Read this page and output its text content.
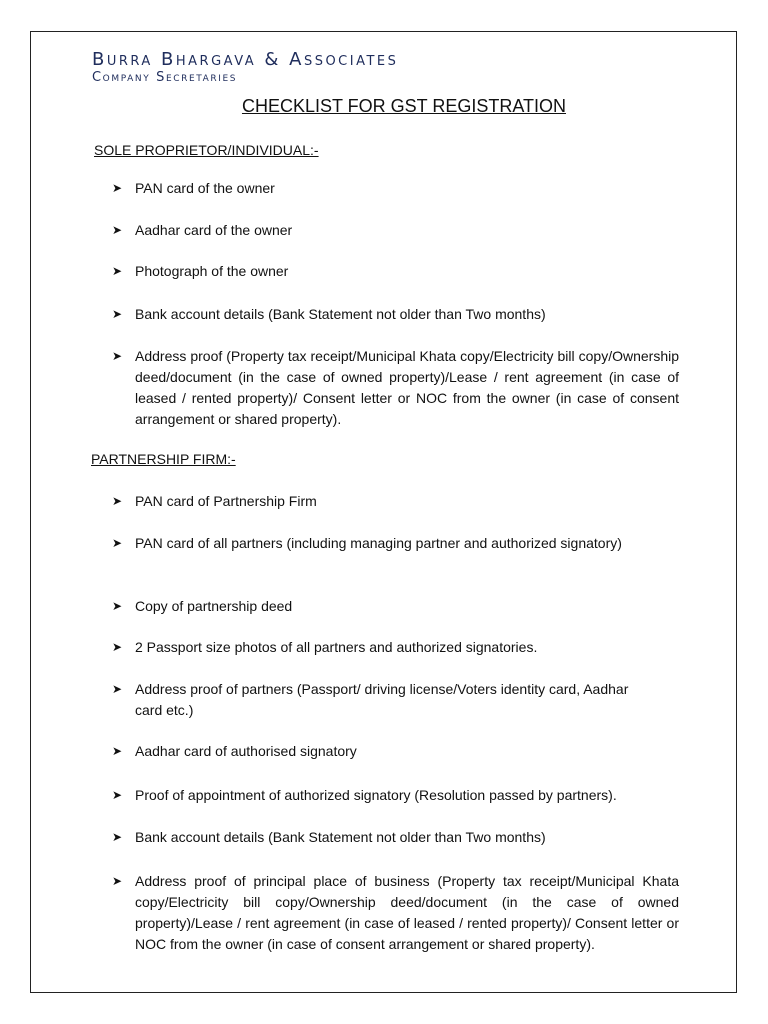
Burra Bhargava & Associates
Company Secretaries
CHECKLIST FOR GST REGISTRATION
SOLE PROPRIETOR/INDIVIDUAL:-
➤ PAN card of the owner
➤ Aadhar card of the owner
➤ Photograph of the owner
➤ Bank account details (Bank Statement not older than Two months)
➤ Address proof (Property tax receipt/Municipal Khata copy/Electricity bill copy/Ownership deed/document (in the case of owned property)/Lease / rent agreement (in case of leased / rented property)/ Consent letter or NOC from the owner (in case of consent arrangement or shared property).
PARTNERSHIP FIRM:-
➤ PAN card of Partnership Firm
➤ PAN card of all partners (including managing partner and authorized signatory)
➤ Copy of partnership deed
➤ 2 Passport size photos of all partners and authorized signatories.
➤ Address proof of partners (Passport/ driving license/Voters identity card, Aadhar card etc.)
➤ Aadhar card of authorised signatory
➤ Proof of appointment of authorized signatory (Resolution passed by partners).
➤ Bank account details (Bank Statement not older than Two months)
➤ Address proof of principal place of business (Property tax receipt/Municipal Khata copy/Electricity bill copy/Ownership deed/document (in the case of owned property)/Lease / rent agreement (in case of leased / rented property)/ Consent letter or NOC from the owner (in case of consent arrangement or shared property).
